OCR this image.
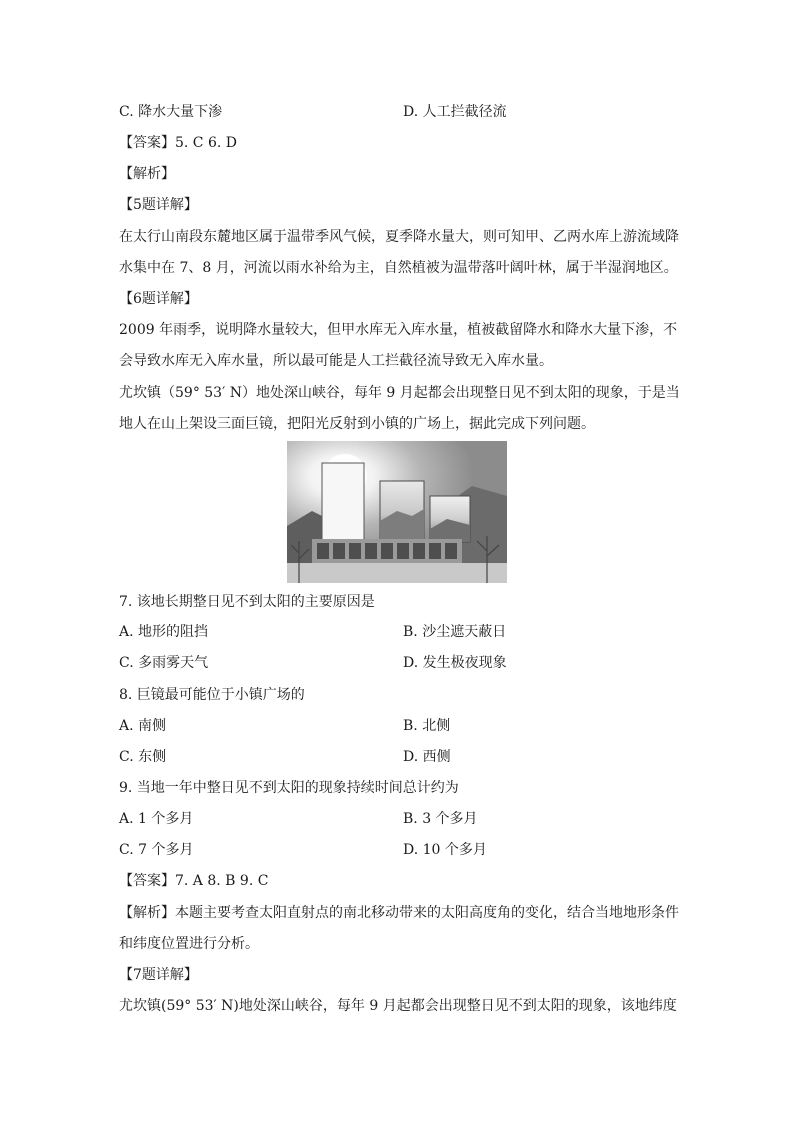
C. 降水大量下渗	D. 人工拦截径流
【答案】5. C 6. D
【解析】
【5题详解】
在太行山南段东麓地区属于温带季风气候，夏季降水量大，则可知甲、乙两水库上游流域降
水集中在 7、8 月，河流以雨水补给为主，自然植被为温带落叶阔叶林，属于半湿润地区。
【6题详解】
2009 年雨季，说明降水量较大，但甲水库无入库水量，植被截留降水和降水大量下渗，不
会导致水库无入库水量，所以最可能是人工拦截径流导致无入库水量。
尤坎镇（59° 53′ N）地处深山峡谷，每年 9 月起都会出现整日见不到太阳的现象，于是当
地人在山上架设三面巨镜，把阳光反射到小镇的广场上，据此完成下列问题。
7. 该地长期整日见不到太阳的主要原因是
A. 地形的阻挡	B. 沙尘遮天蔽日
C. 多雨雾天气	D. 发生极夜现象
8. 巨镜最可能位于小镇广场的
A. 南侧	B. 北侧
C. 东侧	D. 西侧
9. 当地一年中整日见不到太阳的现象持续时间总计约为
A. 1 个多月	B. 3 个多月
C. 7 个多月	D. 10 个多月
【答案】7. A 8. B 9. C
【解析】本题主要考查太阳直射点的南北移动带来的太阳高度角的变化，结合当地地形条件
和纬度位置进行分析。
【7题详解】
尤坎镇(59° 53′ N)地处深山峡谷，每年 9 月起都会出现整日见不到太阳的现象，该地纬度
